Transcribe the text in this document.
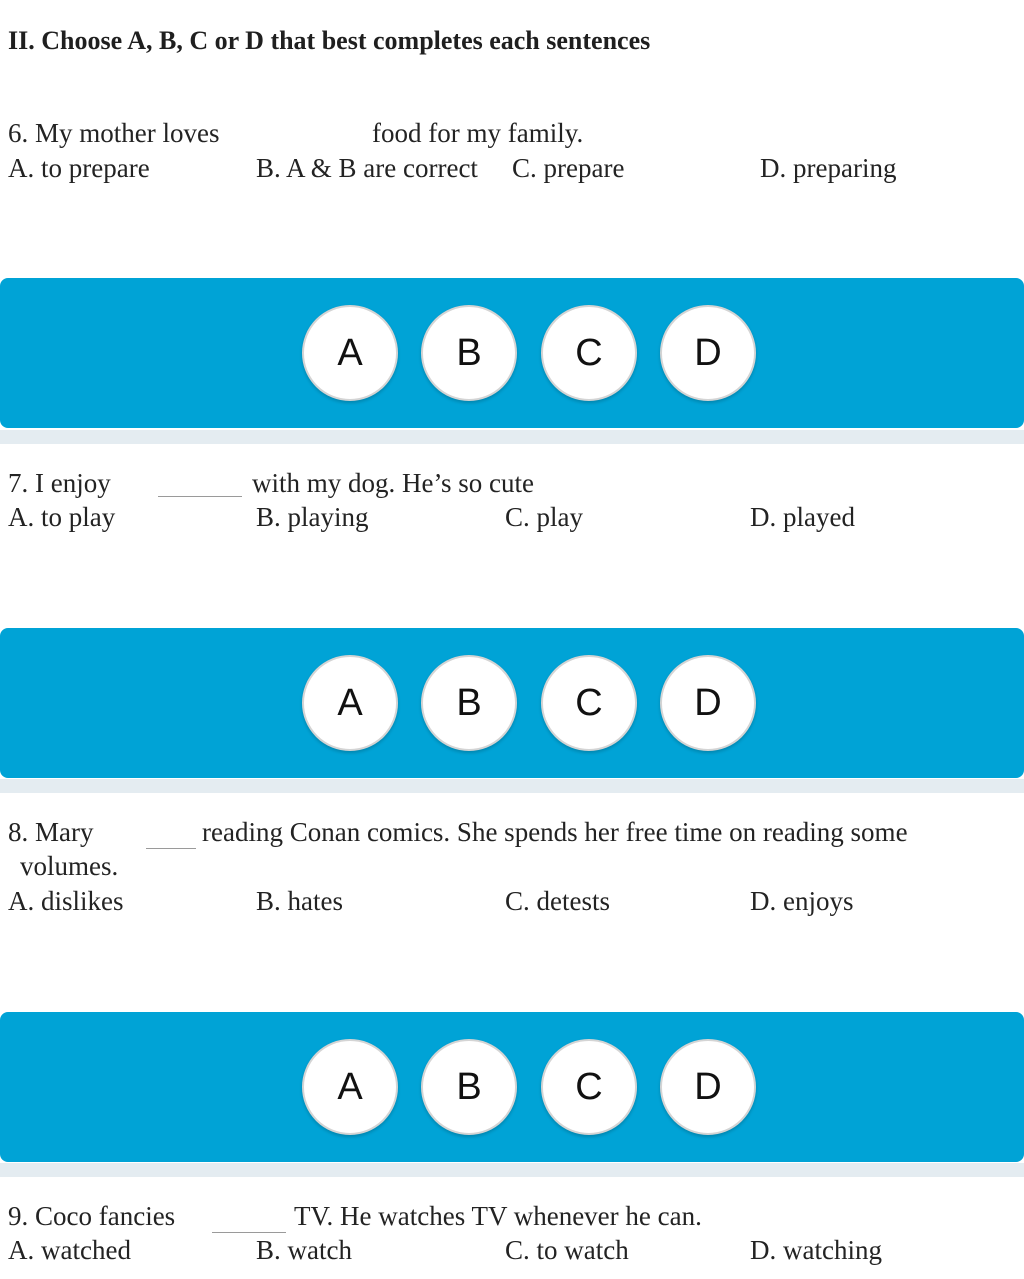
II. Choose A, B, C or D that best completes each sentences
6. My mother loves	food for my family.
A. to prepare	B. A & B are correct C. prepare	D. preparing
A	B	C	D
7. I enjoy	with my dog. He’s so cute
A. to play	B. playing	C. play	D. played
A	B	C	D
8. Mary	reading Conan comics. She spends her free time on reading some
volumes.
A. dislikes	B. hates	C. detests	D. enjoys
A	B	C	D
9. Coco fancies	TV. He watches TV whenever he can.
A. watched	B. watch	C. to watch	D. watching
